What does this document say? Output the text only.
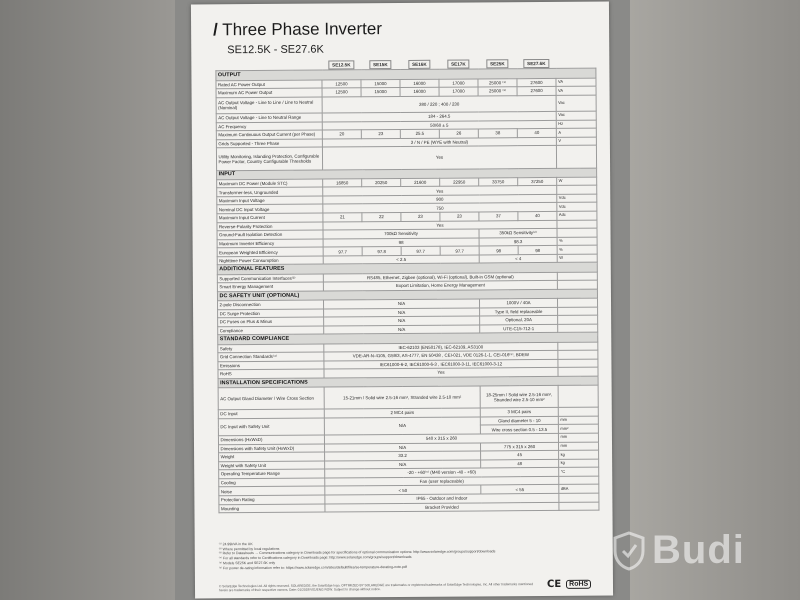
/ Three Phase Inverter
SE12.5K - SE27.6K
	SE12.5K	SE15K	SE16K	SE17K	SE25K	SE27.6K	
OUTPUT							
Rated AC Power Output	12500	15000	16000	17000	25000 ⁽¹⁾	27600	VA
Maximum AC Power Output	12500	15000	16000	17000	25000 ⁽¹⁾	27600	VA
AC Output Voltage - Line to Line / Line to Neutral (Nominal)	380 / 220 ; 400 / 230						Vac
AC Output Voltage - Line to Neutral Range	184 - 264.5						Vac
AC Frequency	50/60 ± 5						Hz
Maximum Continuous Output Current (per Phase)	20	23	25.5	26	38	40	A
Grids Supported - Three Phase	3 / N / PE (WYE with Neutral)						V
Utility Monitoring, Islanding Protection, Configurable Power Factor, Country Configurable Thresholds	Yes						
INPUT							
Maximum DC Power (Module STC)	16850	20250	21600	22950	33750	37250	W
Transformer-less, Ungrounded	Yes						
Maximum Input Voltage	900						Vdc
Nominal DC Input Voltage	750						Vdc
Maximum Input Current	21	22	23	23	37	40	Adc
Reverse-Polarity Protection	Yes						
Ground-Fault Isolation Detection	700kΩ Sensitivity				350kΩ Sensitivity⁽²⁾		
Maximum Inverter Efficiency	98				98.3		%
European Weighted Efficiency	97.7	97.8	97.7	97.7	98	98	%
Nighttime Power Consumption	< 2.5				< 4		W
ADDITIONAL FEATURES							
Supported Communication Interfaces⁽³⁾	RS485, Ethernet, Zigbee (optional), Wi-Fi (optional), Built-in GSM (optional)						
Smart Energy Management	Export Limitation, Home Energy Management						
DC SAFETY UNIT (OPTIONAL)							
2-pole Disconnection	N/A				1000V / 40A		
DC Surge Protection	N/A				Type II, field replaceable		
DC Fuses on Plus & Minus	N/A				Optional, 20A		
Compliance	N/A				UTE-C15-712-1		
STANDARD COMPLIANCE							
Safety	IEC-62103 (EN50178), IEC-62109, AS3100						
Grid Connection Standards⁽⁴⁾	VDE-AR-N-4105, G59/3, AS-4777, EN 50438 , CEI-021, VDE 0126-1-1, CEI-016⁽⁵⁾, BDEW						
Emissions	IEC61000-6-2, IEC61000-6-3 , IEC61000-3-11, IEC61000-3-12						
RoHS	Yes						
INSTALLATION SPECIFICATIONS							
AC Output Gland Diameter / Wire Cross Section	15-21mm / Solid wire 2.5-16 mm², Stranded wire 2.5-10 mm²				18-25mm / Solid wire 2.5-16 mm², Stranded wire 2.5-10 mm²		
DC Input	2 MC4 pairs				3 MC4 pairs		
DC Input with Safety Unit	N/A				Gland diameter 5 - 10		mm
					Wire cross section 0.5 - 13.5		mm²
Dimensions (HxWxD)	540 x 315 x 260						mm
Dimensions with Safety Unit (HxWxD)	N/A				775 x 315 x 260		mm
Weight	33.2				45		kg
Weight with Safety Unit	N/A				48		kg
Operating Temperature Range	-20 - +60⁽⁶⁾ (M40 version -40 - +60)						°C
Cooling	Fan (user replaceable)						
Noise	< 50				< 55		dBA
Protection Rating	IP65 - Outdoor and Indoor						
Mounting	Bracket Provided						
⁽¹⁾ 24.99kVA in the UK
⁽²⁾ Where permitted by local regulations
⁽³⁾ Refer to Datasheets → Communications category in Downloads page for specifications of optional communication options: http://www.solaredge.com/groups/support/downloads
⁽⁴⁾ For all standards refer to Certifications category in Downloads page: http://www.solaredge.com/groups/support/downloads
⁽⁵⁾ Models SE25K and SE27.6K only
⁽⁶⁾ For power de-rating information refer to: https://www.solaredge.com/sites/default/files/se-temperature-derating-note.pdf
© SolarEdge Technologies Ltd. All rights reserved. SOLAREDGE, the SolarEdge logo, OPTIMIZED BY SOLAREDGE are trademarks or registered trademarks of SolarEdge Technologies, Inc. All other trademarks mentioned herein are trademarks of their respective owners. Date: 01/2018/V01/ENG ROW. Subject to change without notice.	CE	RoHS
Budi
